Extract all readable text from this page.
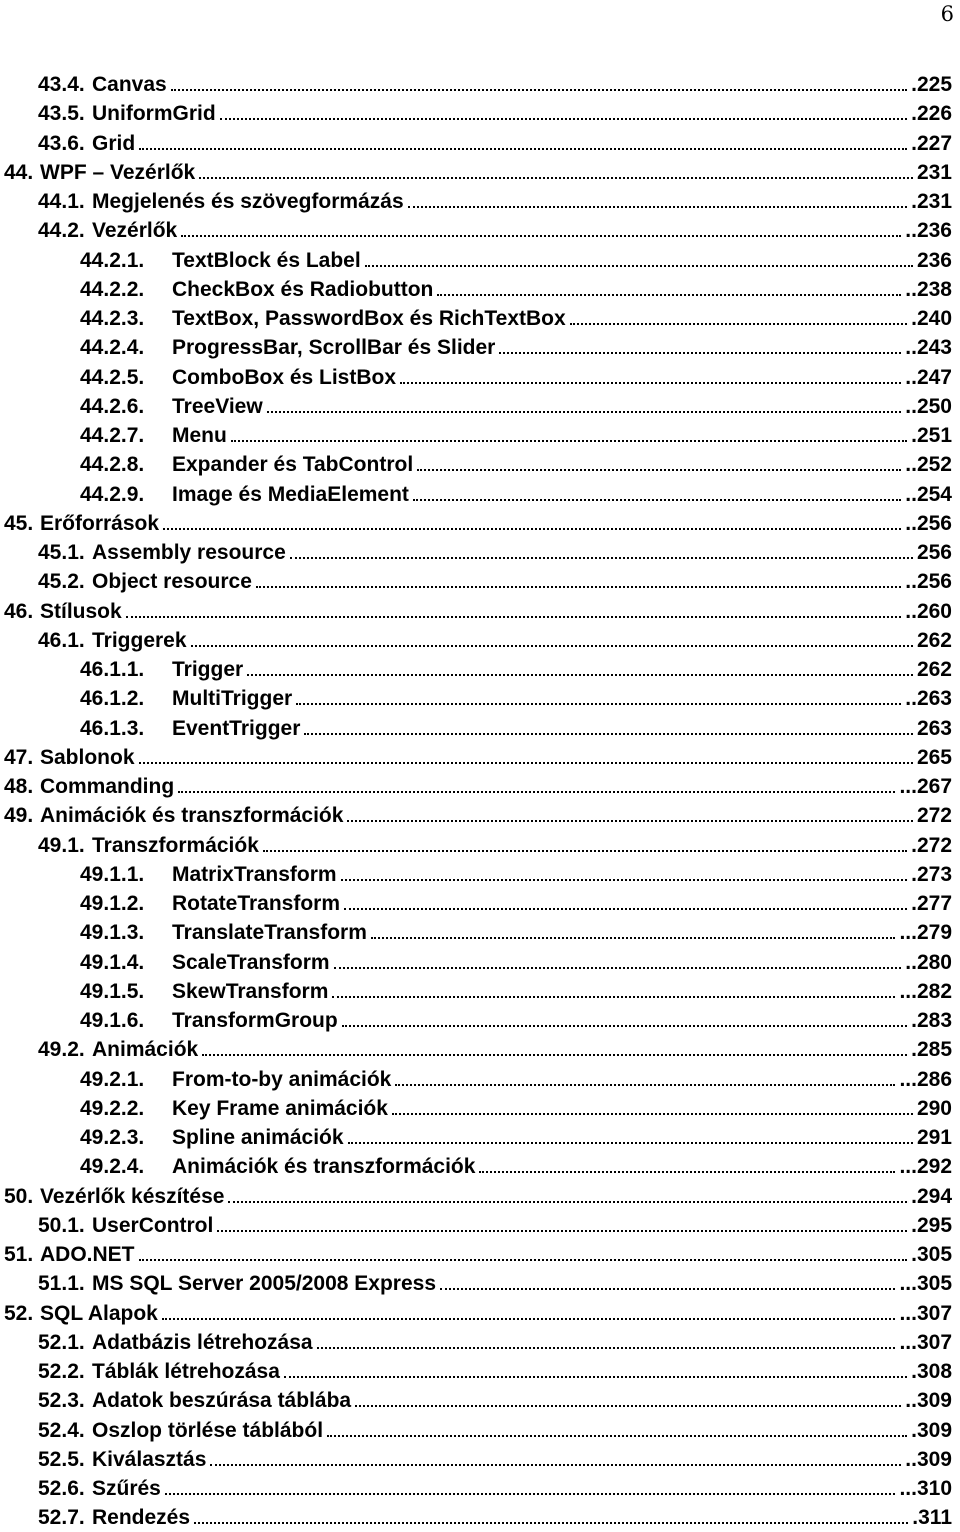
6
43.4. Canvas	.225
43.5. UniformGrid	.226
43.6. Grid	.227
44. WPF – Vezérlők	231
44.1. Megjelenés és szövegformázás	.231
44.2. Vezérlők	..236
44.2.1. TextBlock és Label	236
44.2.2. CheckBox és Radiobutton	..238
44.2.3. TextBox, PasswordBox és RichTextBox	.240
44.2.4. ProgressBar, ScrollBar és Slider	..243
44.2.5. ComboBox és ListBox	..247
44.2.6. TreeView	..250
44.2.7. Menu	.251
44.2.8. Expander és TabControl	..252
44.2.9. Image és MediaElement	..254
45. Erőforrások	..256
45.1. Assembly resource	256
45.2. Object resource	..256
46. Stílusok	..260
46.1. Triggerek	262
46.1.1. Trigger	262
46.1.2. MultiTrigger	..263
46.1.3. EventTrigger	263
47. Sablonok	265
48. Commanding	...267
49. Animációk és transzformációk	272
49.1. Transzformációk	.272
49.1.1. MatrixTransform	.273
49.1.2. RotateTransform	.277
49.1.3. TranslateTransform	...279
49.1.4. ScaleTransform	..280
49.1.5. SkewTransform	...282
49.1.6. TransformGroup	.283
49.2. Animációk	.285
49.2.1. From-to-by animációk	...286
49.2.2. Key Frame animációk	290
49.2.3. Spline animációk	291
49.2.4. Animációk és transzformációk	...292
50. Vezérlők készítése	.294
50.1. UserControl	.295
51. ADO.NET	.305
51.1. MS SQL Server 2005/2008 Express	...305
52. SQL Alapok	...307
52.1. Adatbázis létrehozása	...307
52.2. Táblák létrehozása	.308
52.3. Adatok beszúrása táblába	..309
52.4. Oszlop törlése táblából	.309
52.5. Kiválasztás	..309
52.6. Szűrés	...310
52.7. Rendezés	.311
